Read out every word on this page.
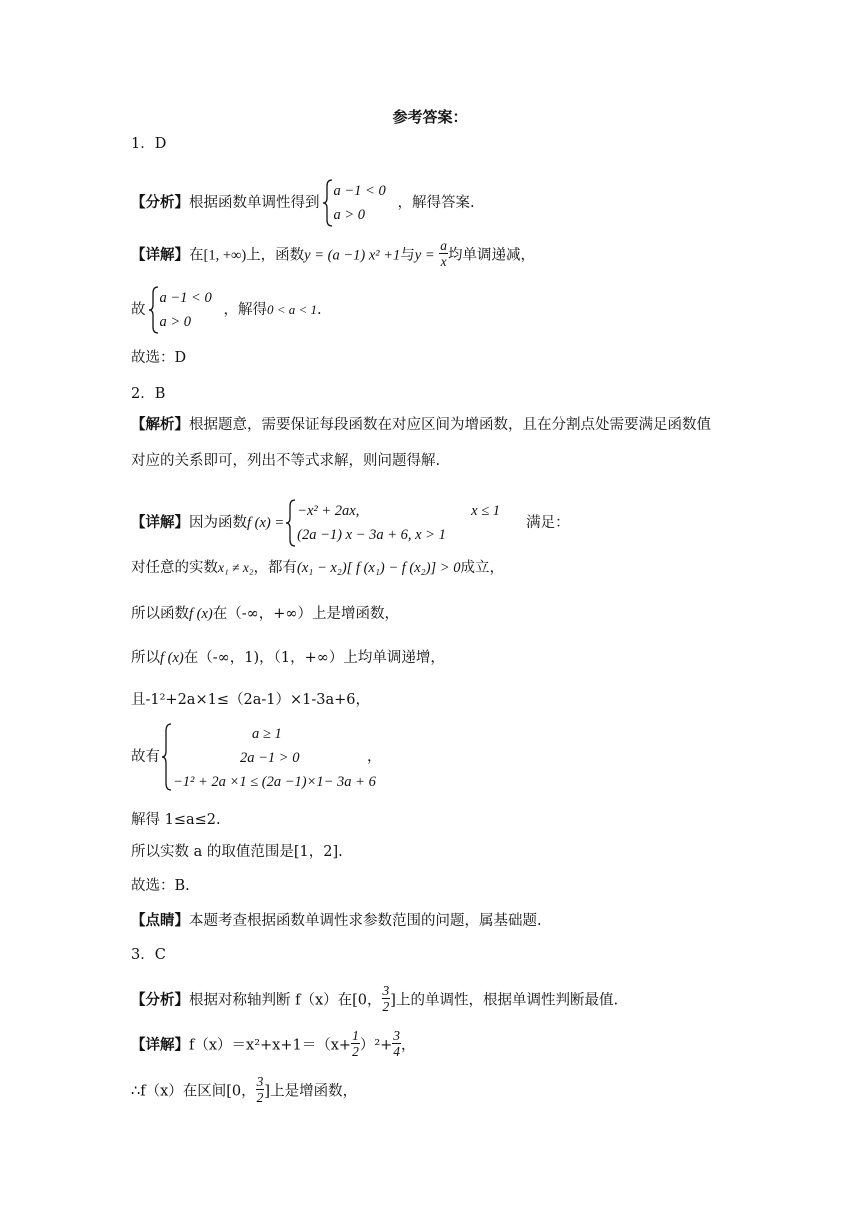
参考答案：
1．D
【分析】根据函数单调性得到
a −1 < 0
a > 0
，解得答案.
【详解】在[1, +∞)上，函数y = (a −1) x² +1与$y = \frac{a}{x}$ 均单调递减，
故
a −1 < 0
a > 0
，解得0 < a < 1.
故选：D
2．B
【解析】根据题意，需要保证每段函数在对应区间为增函数，且在分割点处需要满足函数值
对应的关系即可，列出不等式求解，则问题得解.
【详解】因为函数f (x) =
−x² + 2ax,	x ≤ 1
(2a −1) x − 3a + 6, x > 1
满足：
对任意的实数x₁ ≠ x₂，都有(x₁ − x₂)[ f (x₁) − f (x₂)] > 0成立，
所以函数f (x)在（-∞，+∞）上是增函数，
所以f (x)在（-∞，1)，（1，+∞）上均单调递增，
且-1²+2a×1≤（2a-1）×1-3a+6，
故有
a ≥ 1
2a −1 > 0
−1² + 2a ×1 ≤ (2a −1)×1− 3a + 6
，
解得 1≤a≤2.
所以实数 a 的取值范围是[1，2].
故选：B.
【点睛】本题考查根据函数单调性求参数范围的问题，属基础题.
3．C
【分析】根据对称轴判断 f（x）在[0， $\frac{3}{2}$ ]上的单调性，根据单调性判断最值.
【详解】$f(x)=x^2+x+1=(x+ \frac{1}{2} )^2+ \frac{3}{4}$ ，
∴f（x）在区间[0， $\frac{3}{2}$ ]上是增函数，
